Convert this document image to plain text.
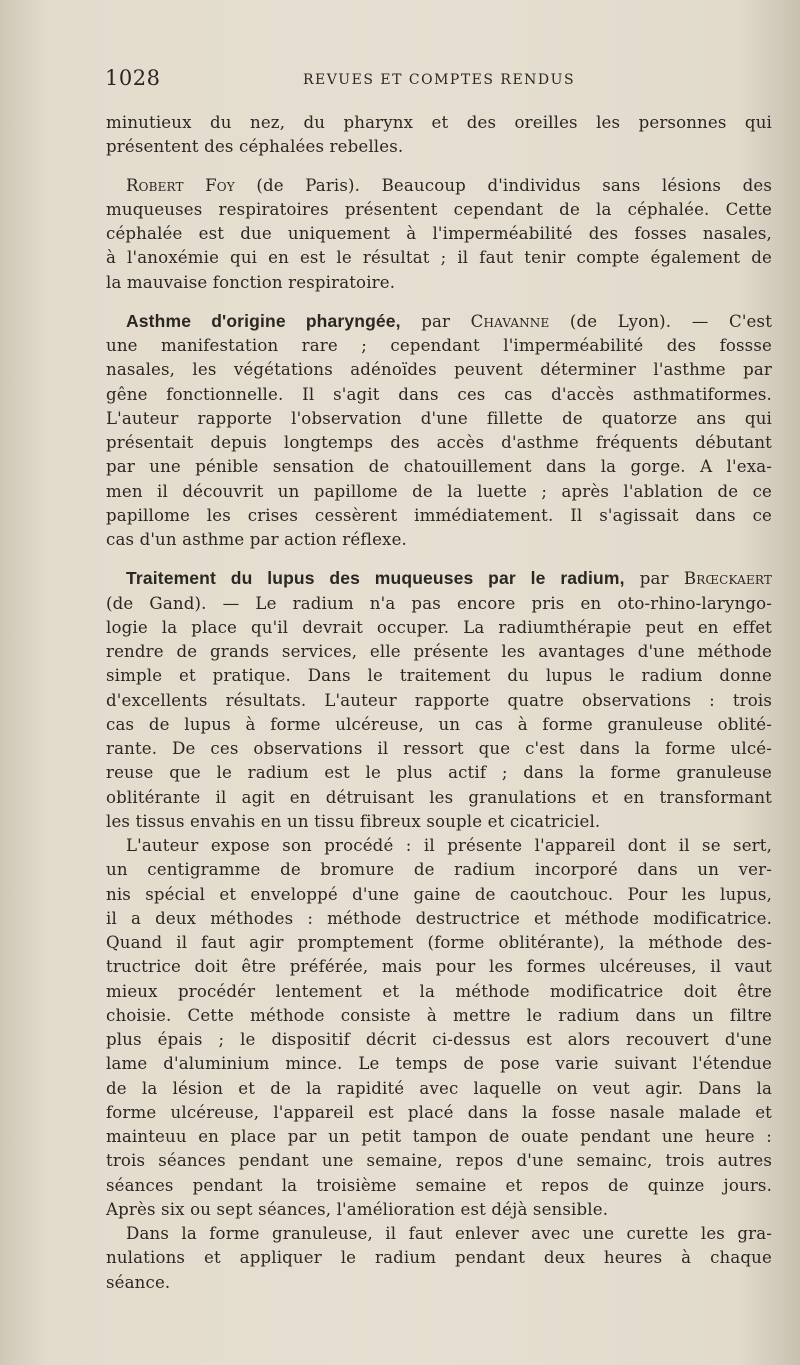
1028	REVUES ET COMPTES RENDUS
minutieux du nez, du pharynx et des oreilles les personnes qui
présentent des céphalées rebelles.
Robert Foy (de Paris). Beaucoup d'individus sans lésions des
muqueuses respiratoires présentent cependant de la céphalée. Cette
céphalée est due uniquement à l'imperméabilité des fosses nasales,
à l'anoxémie qui en est le résultat ; il faut tenir compte également de
la mauvaise fonction respiratoire.
Asthme d'origine pharyngée, par Chavanne (de Lyon). — C'est
une manifestation rare ; cependant l'imperméabilité des fossse
nasales, les végétations adénoïdes peuvent déterminer l'asthme par
gêne fonctionnelle. Il s'agit dans ces cas d'accès asthmatiformes.
L'auteur rapporte l'observation d'une fillette de quatorze ans qui
présentait depuis longtemps des accès d'asthme fréquents débutant
par une pénible sensation de chatouillement dans la gorge. A l'exa-
men il découvrit un papillome de la luette ; après l'ablation de ce
papillome les crises cessèrent immédiatement. Il s'agissait dans ce
cas d'un asthme par action réflexe.
Traitement du lupus des muqueuses par le radium, par Brœckaert
(de Gand). — Le radium n'a pas encore pris en oto-rhino-laryngo-
logie la place qu'il devrait occuper. La radiumthérapie peut en effet
rendre de grands services, elle présente les avantages d'une méthode
simple et pratique. Dans le traitement du lupus le radium donne
d'excellents résultats. L'auteur rapporte quatre observations : trois
cas de lupus à forme ulcéreuse, un cas à forme granuleuse oblité-
rante. De ces observations il ressort que c'est dans la forme ulcé-
reuse que le radium est le plus actif ; dans la forme granuleuse
oblitérante il agit en détruisant les granulations et en transformant
les tissus envahis en un tissu fibreux souple et cicatriciel.
L'auteur expose son procédé : il présente l'appareil dont il se sert,
un centigramme de bromure de radium incorporé dans un ver-
nis spécial et enveloppé d'une gaine de caoutchouc. Pour les lupus,
il a deux méthodes : méthode destructrice et méthode modificatrice.
Quand il faut agir promptement (forme oblitérante), la méthode des-
tructrice doit être préférée, mais pour les formes ulcéreuses, il vaut
mieux procédér lentement et la méthode modificatrice doit être
choisie. Cette méthode consiste à mettre le radium dans un filtre
plus épais ; le dispositif décrit ci-dessus est alors recouvert d'une
lame d'aluminium mince. Le temps de pose varie suivant l'étendue
de la lésion et de la rapidité avec laquelle on veut agir. Dans la
forme ulcéreuse, l'appareil est placé dans la fosse nasale malade et
mainteuu en place par un petit tampon de ouate pendant une heure :
trois séances pendant une semaine, repos d'une semainc, trois autres
séances pendant la troisième semaine et repos de quinze jours.
Après six ou sept séances, l'amélioration est déjà sensible.
Dans la forme granuleuse, il faut enlever avec une curette les gra-
nulations et appliquer le radium pendant deux heures à chaque
séance.
